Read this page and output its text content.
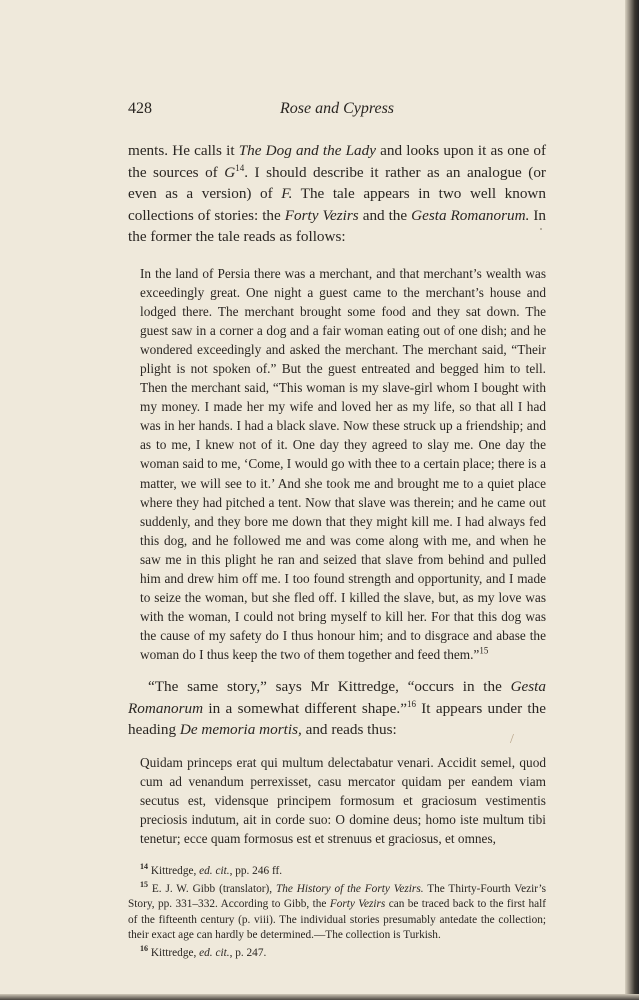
/
428	Rose and Cypress

ments. He calls it The Dog and the Lady and looks upon it as one of the sources of $G^{14}$. I should describe it rather as an analogue (or even as a version) of F. The tale appears in two well known collections of stories: the Forty Vezirs and the Gesta Romanorum. In the former the tale reads as follows:

In the land of Persia there was a merchant, and that merchant’s wealth was exceedingly great. One night a guest came to the merchant’s house and lodged there. The merchant brought some food and they sat down. The guest saw in a corner a dog and a fair woman eating out of one dish; and he wondered exceedingly and asked the merchant. The merchant said, “Their plight is not spoken of.” But the guest entreated and begged him to tell. Then the merchant said, “This woman is my slave-girl whom I bought with my money. I made her my wife and loved her as my life, so that all I had was in her hands. I had a black slave. Now these struck up a friendship; and as to me, I knew not of it. One day they agreed to slay me. One day the woman said to me, ‘Come, I would go with thee to a certain place; there is a matter, we will see to it.’ And she took me and brought me to a quiet place where they had pitched a tent. Now that slave was therein; and he came out suddenly, and they bore me down that they might kill me. I had always fed this dog, and he followed me and was come along with me, and when he saw me in this plight he ran and seized that slave from behind and pulled him and drew him off me. I too found strength and opportunity, and I made to seize the woman, but she fled off. I killed the slave, but, as my love was with the woman, I could not bring myself to kill her. For that this dog was the cause of my safety do I thus honour him; and to disgrace and abase the woman do I thus keep the two of them together and feed them.”$^{15}$

“The same story,” says Mr Kittredge, “occurs in the Gesta Romanorum in a somewhat different shape.”$^{16}$ It appears under the heading De memoria mortis, and reads thus:

Quidam princeps erat qui multum delectabatur venari. Accidit semel, quod cum ad venandum perrexisset, casu mercator quidam per eandem viam secutus est, vidensque principem formosum et graciosum vestimentis preciosis indutum, ait in corde suo: O domine deus; homo iste multum tibi tenetur; ecce quam formosus est et strenuus et graciosus, et omnes,

$^{14}$ Kittredge, ed. cit., pp. 246 ff.

$^{15}$ E. J. W. Gibb (translator), The History of the Forty Vezirs. The Thirty-Fourth Vezir’s Story, pp. 331–332. According to Gibb, the Forty Vezirs can be traced back to the first half of the fifteenth century (p. viii). The individual stories presumably antedate the collection; their exact age can hardly be determined.—The collection is Turkish.

$^{16}$ Kittredge, ed. cit., p. 247.
